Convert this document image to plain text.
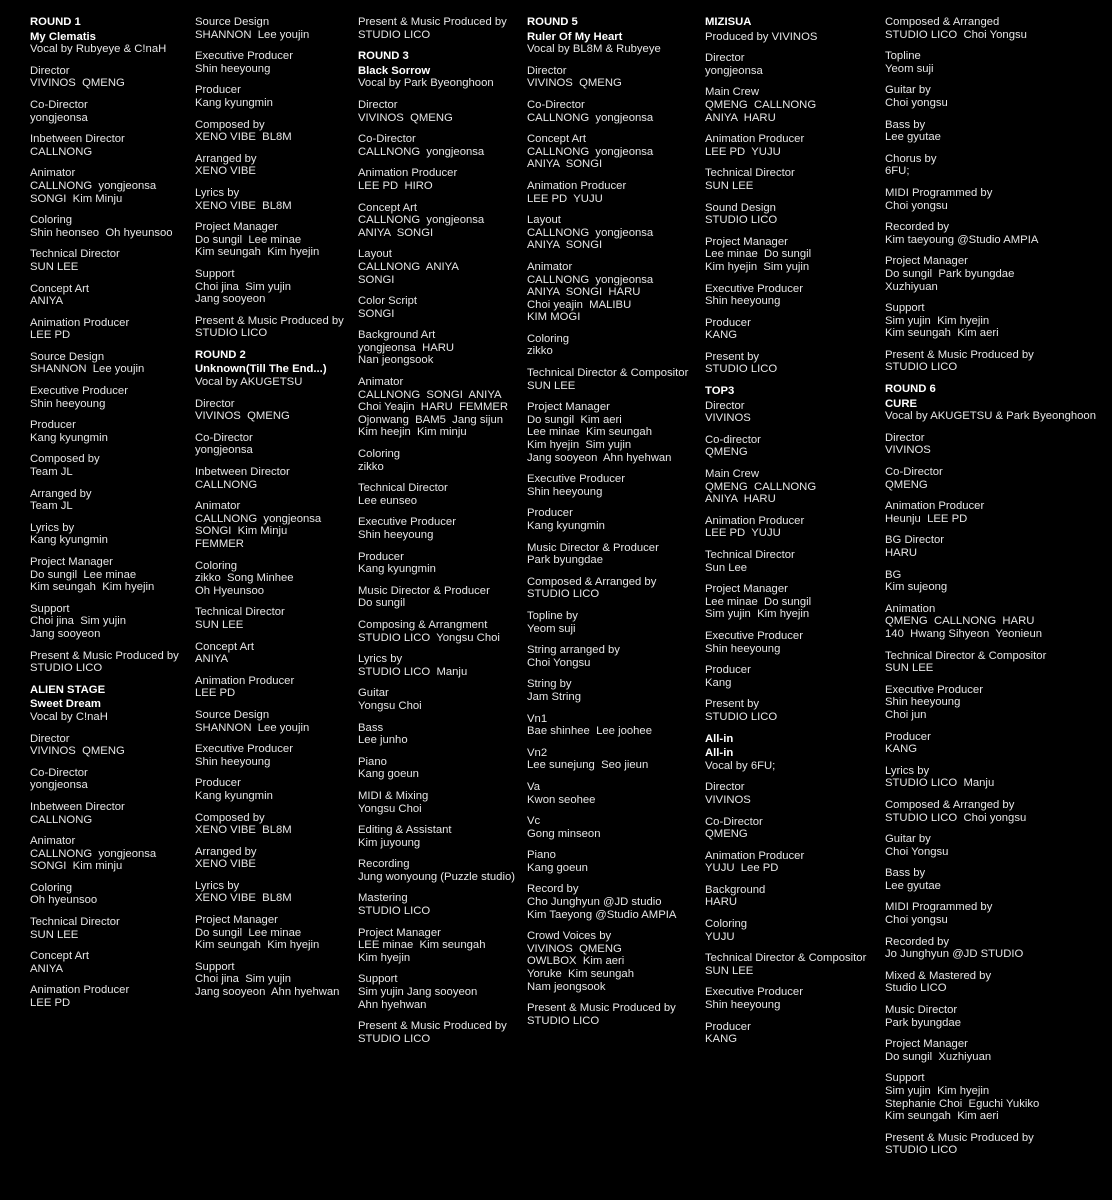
ROUND 1
My Clematis
Vocal by Rubyeye & C!naH
Director
VIVINOS  QMENG
Co-Director
yongjeonsa
Inbetween Director
CALLNONG
Animator
CALLNONG  yongjeonsa
SONGI  Kim Minju
Coloring
Shin heonseo  Oh hyeunsoo
Technical Director
SUN LEE
Concept Art
ANIYA
Animation Producer
LEE PD
Source Design
SHANNON  Lee youjin
Executive Producer
Shin heeyoung
Producer
Kang kyungmin
Composed by
Team JL
Arranged by
Team JL
Lyrics by
Kang kyungmin
Project Manager
Do sungil  Lee minae
Kim seungah  Kim hyejin
Support
Choi jina  Sim yujin
Jang sooyeon
Present & Music Produced by
STUDIO LICO
ALIEN STAGE
Sweet Dream
Vocal by C!naH
Director
VIVINOS  QMENG
Co-Director
yongjeonsa
Inbetween Director
CALLNONG
Animator
CALLNONG  yongjeonsa
SONGI  Kim minju
Coloring
Oh hyeunsoo
Technical Director
SUN LEE
Concept Art
ANIYA
Animation Producer
LEE PD
Source Design
SHANNON  Lee youjin
Executive Producer
Shin heeyoung
Producer
Kang kyungmin
Composed by
XENO VIBE  BL8M
Arranged by
XENO VIBE
Lyrics by
XENO VIBE  BL8M
Project Manager
Do sungil  Lee minae
Kim seungah  Kim hyejin
Support
Choi jina  Sim yujin
Jang sooyeon
Present & Music Produced by
STUDIO LICO
ROUND 2
Unknown(Till The End...)
Vocal by AKUGETSU
Director
VIVINOS  QMENG
Co-Director
yongjeonsa
Inbetween Director
CALLNONG
Animator
CALLNONG  yongjeonsa
SONGI  Kim Minju
FEMMER
Coloring
zikko  Song Minhee
Oh Hyeunsoo
Technical Director
SUN LEE
Concept Art
ANIYA
Animation Producer
LEE PD
Source Design
SHANNON  Lee youjin
Executive Producer
Shin heeyoung
Producer
Kang kyungmin
Composed by
XENO VIBE  BL8M
Arranged by
XENO VIBE
Lyrics by
XENO VIBE  BL8M
Project Manager
Do sungil  Lee minae
Kim seungah  Kim hyejin
Support
Choi jina  Sim yujin
Jang sooyeon  Ahn hyehwan
Present & Music Produced by
STUDIO LICO
ROUND 3
Black Sorrow
Vocal by Park Byeonghoon
Director
VIVINOS  QMENG
Co-Director
CALLNONG  yongjeonsa
Animation Producer
LEE PD  HIRO
Concept Art
CALLNONG  yongjeonsa
ANIYA  SONGI
Layout
CALLNONG  ANIYA
SONGI
Color Script
SONGI
Background Art
yongjeonsa  HARU
Nan jeongsook
Animator
CALLNONG  SONGI  ANIYA
Choi Yeajin  HARU  FEMMER
Ojonwang  BAM5  Jang sijun
Kim heejin  Kim minju
Coloring
zikko
Technical Director
Lee eunseo
Executive Producer
Shin heeyoung
Producer
Kang kyungmin
Music Director & Producer
Do sungil
Composing & Arrangment
STUDIO LICO  Yongsu Choi
Lyrics by
STUDIO LICO  Manju
Guitar
Yongsu Choi
Bass
Lee junho
Piano
Kang goeun
MIDI & Mixing
Yongsu Choi
Editing & Assistant
Kim juyoung
Recording
Jung wonyoung (Puzzle studio)
Mastering
STUDIO LICO
Project Manager
LEE minae  Kim seungah
Kim hyejin
Support
Sim yujin Jang sooyeon
Ahn hyehwan
Present & Music Produced by
STUDIO LICO
ROUND 5
Ruler Of My Heart
Vocal by BL8M & Rubyeye
Director
VIVINOS  QMENG
Co-Director
CALLNONG  yongjeonsa
Concept Art
CALLNONG  yongjeonsa
ANIYA  SONGI
Animation Producer
LEE PD  YUJU
Layout
CALLNONG  yongjeonsa
ANIYA  SONGI
Animator
CALLNONG  yongjeonsa
ANIYA  SONGI  HARU
Choi yeajin  MALIBU
KIM MOGI
Coloring
zikko
Technical Director & Compositor
SUN LEE
Project Manager
Do sungil  Kim aeri
Lee minae  Kim seungah
Kim hyejin  Sim yujin
Jang sooyeon  Ahn hyehwan
Executive Producer
Shin heeyoung
Producer
Kang kyungmin
Music Director & Producer
Park byungdae
Composed & Arranged by
STUDIO LICO
Topline by
Yeom suji
String arranged by
Choi Yongsu
String by
Jam String
Vn1
Bae shinhee  Lee joohee
Vn2
Lee sunejung  Seo jieun
Va
Kwon seohee
Vc
Gong minseon
Piano
Kang goeun
Record by
Cho Junghyun @JD studio
Kim Taeyong @Studio AMPIA
Crowd Voices by
VIVINOS  QMENG
OWLBOX  Kim aeri
Yoruke  Kim seungah
Nam jeongsook
Present & Music Produced by
STUDIO LICO
MIZISUA
Produced by VIVINOS
Director
yongjeonsa
Main Crew
QMENG  CALLNONG
ANIYA  HARU
Animation Producer
LEE PD  YUJU
Technical Director
SUN LEE
Sound Design
STUDIO LICO
Project Manager
Lee minae  Do sungil
Kim hyejin  Sim yujin
Executive Producer
Shin heeyoung
Producer
KANG
Present by
STUDIO LICO
TOP3
Director
VIVINOS
Co-director
QMENG
Main Crew
QMENG  CALLNONG
ANIYA  HARU
Animation Producer
LEE PD  YUJU
Technical Director
Sun Lee
Project Manager
Lee minae  Do sungil
Sim yujin  Kim hyejin
Executive Producer
Shin heeyoung
Producer
Kang
Present by
STUDIO LICO
All-in
All-in
Vocal by 6FU;
Director
VIVINOS
Co-Director
QMENG
Animation Producer
YUJU  Lee PD
Background
HARU
Coloring
YUJU
Technical Director & Compositor
SUN LEE
Executive Producer
Shin heeyoung
Producer
KANG
Composed & Arranged
STUDIO LICO  Choi Yongsu
Topline
Yeom suji
Guitar by
Choi yongsu
Bass by
Lee gyutae
Chorus by
6FU;
MIDI Programmed by
Choi yongsu
Recorded by
Kim taeyoung @Studio AMPIA
Project Manager
Do sungil  Park byungdae
Xuzhiyuan
Support
Sim yujin  Kim hyejin
Kim seungah  Kim aeri
Present & Music Produced by
STUDIO LICO
ROUND 6
CURE
Vocal by AKUGETSU & Park Byeonghoon
Director
VIVINOS
Co-Director
QMENG
Animation Producer
Heunju  LEE PD
BG Director
HARU
BG
Kim sujeong
Animation
QMENG  CALLNONG  HARU
140  Hwang Sihyeon  Yeonieun
Technical Director & Compositor
SUN LEE
Executive Producer
Shin heeyoung
Choi jun
Producer
KANG
Lyrics by
STUDIO LICO  Manju
Composed & Arranged by
STUDIO LICO  Choi yongsu
Guitar by
Choi Yongsu
Bass by
Lee gyutae
MIDI Programmed by
Choi yongsu
Recorded by
Jo Junghyun @JD STUDIO
Mixed & Mastered by
Studio LICO
Music Director
Park byungdae
Project Manager
Do sungil  Xuzhiyuan
Support
Sim yujin  Kim hyejin
Stephanie Choi  Eguchi Yukiko
Kim seungah  Kim aeri
Present & Music Produced by
STUDIO LICO
